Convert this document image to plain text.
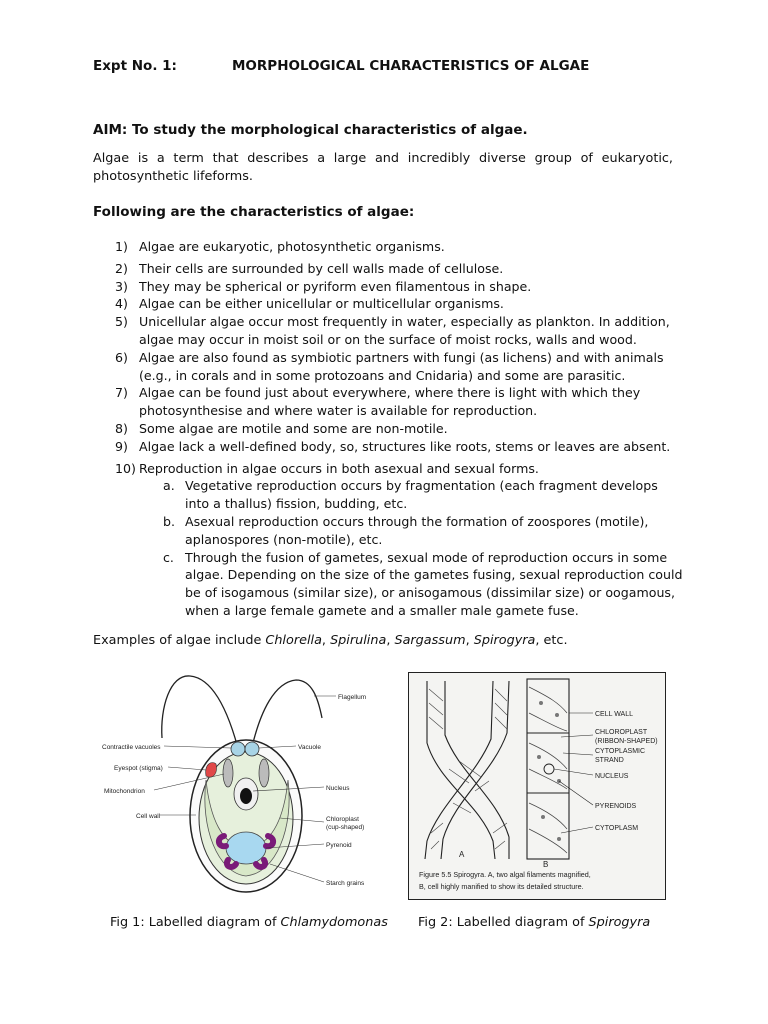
Expt No. 1:	MORPHOLOGICAL CHARACTERISTICS OF ALGAE
AIM: To study the morphological characteristics of algae.
Algae is a term that describes a large and incredibly diverse group of eukaryotic, photosynthetic lifeforms.
Following are the characteristics of algae:
1) Algae are eukaryotic, photosynthetic organisms.
2) Their cells are surrounded by cell walls made of cellulose.
3) They may be spherical or pyriform even filamentous in shape.
4) Algae can be either unicellular or multicellular organisms.
5) Unicellular algae occur most frequently in water, especially as plankton. In addition, algae may occur in moist soil or on the surface of moist rocks, walls and wood.
6) Algae are also found as symbiotic partners with fungi (as lichens) and with animals (e.g., in corals and in some protozoans and Cnidaria) and some are parasitic.
7) Algae can be found just about everywhere, where there is light with which they photosynthesise and where water is available for reproduction.
8) Some algae are motile and some are non-motile.
9) Algae lack a well-defined body, so, structures like roots, stems or leaves are absent.
10) Reproduction in algae occurs in both asexual and sexual forms.
a. Vegetative reproduction occurs by fragmentation (each fragment develops into a thallus) fission, budding, etc.
b. Asexual reproduction occurs through the formation of zoospores (motile), aplanospores (non-motile), etc.
c. Through the fusion of gametes, sexual mode of reproduction occurs in some algae. Depending on the size of the gametes fusing, sexual reproduction could be of isogamous (similar size), or anisogamous (dissimilar size) or oogamous, when a large female gamete and a smaller male gamete fuse.
Examples of algae include Chlorella, Spirulina, Sargassum, Spirogyra, etc.
Flagellum
Contractile vacuoles	Vacuole
Eyespot (stigma)
Nucleus
Mitochondrion
Cell wall	Chloroplast
(cup-shaped)
Pyrenoid
Starch grains
A
B
CELL WALL
CHLOROPLAST
(RIBBON-SHAPED)
CYTOPLASMIC
STRAND
NUCLEUS
PYRENOIDS
CYTOPLASM
Figure 5.5 Spirogyra. A, two algal filaments magnified,
B, cell highly manified to show its detailed structure.
Fig 1: Labelled diagram of Chlamydomonas Fig 2: Labelled diagram of Spirogyra
